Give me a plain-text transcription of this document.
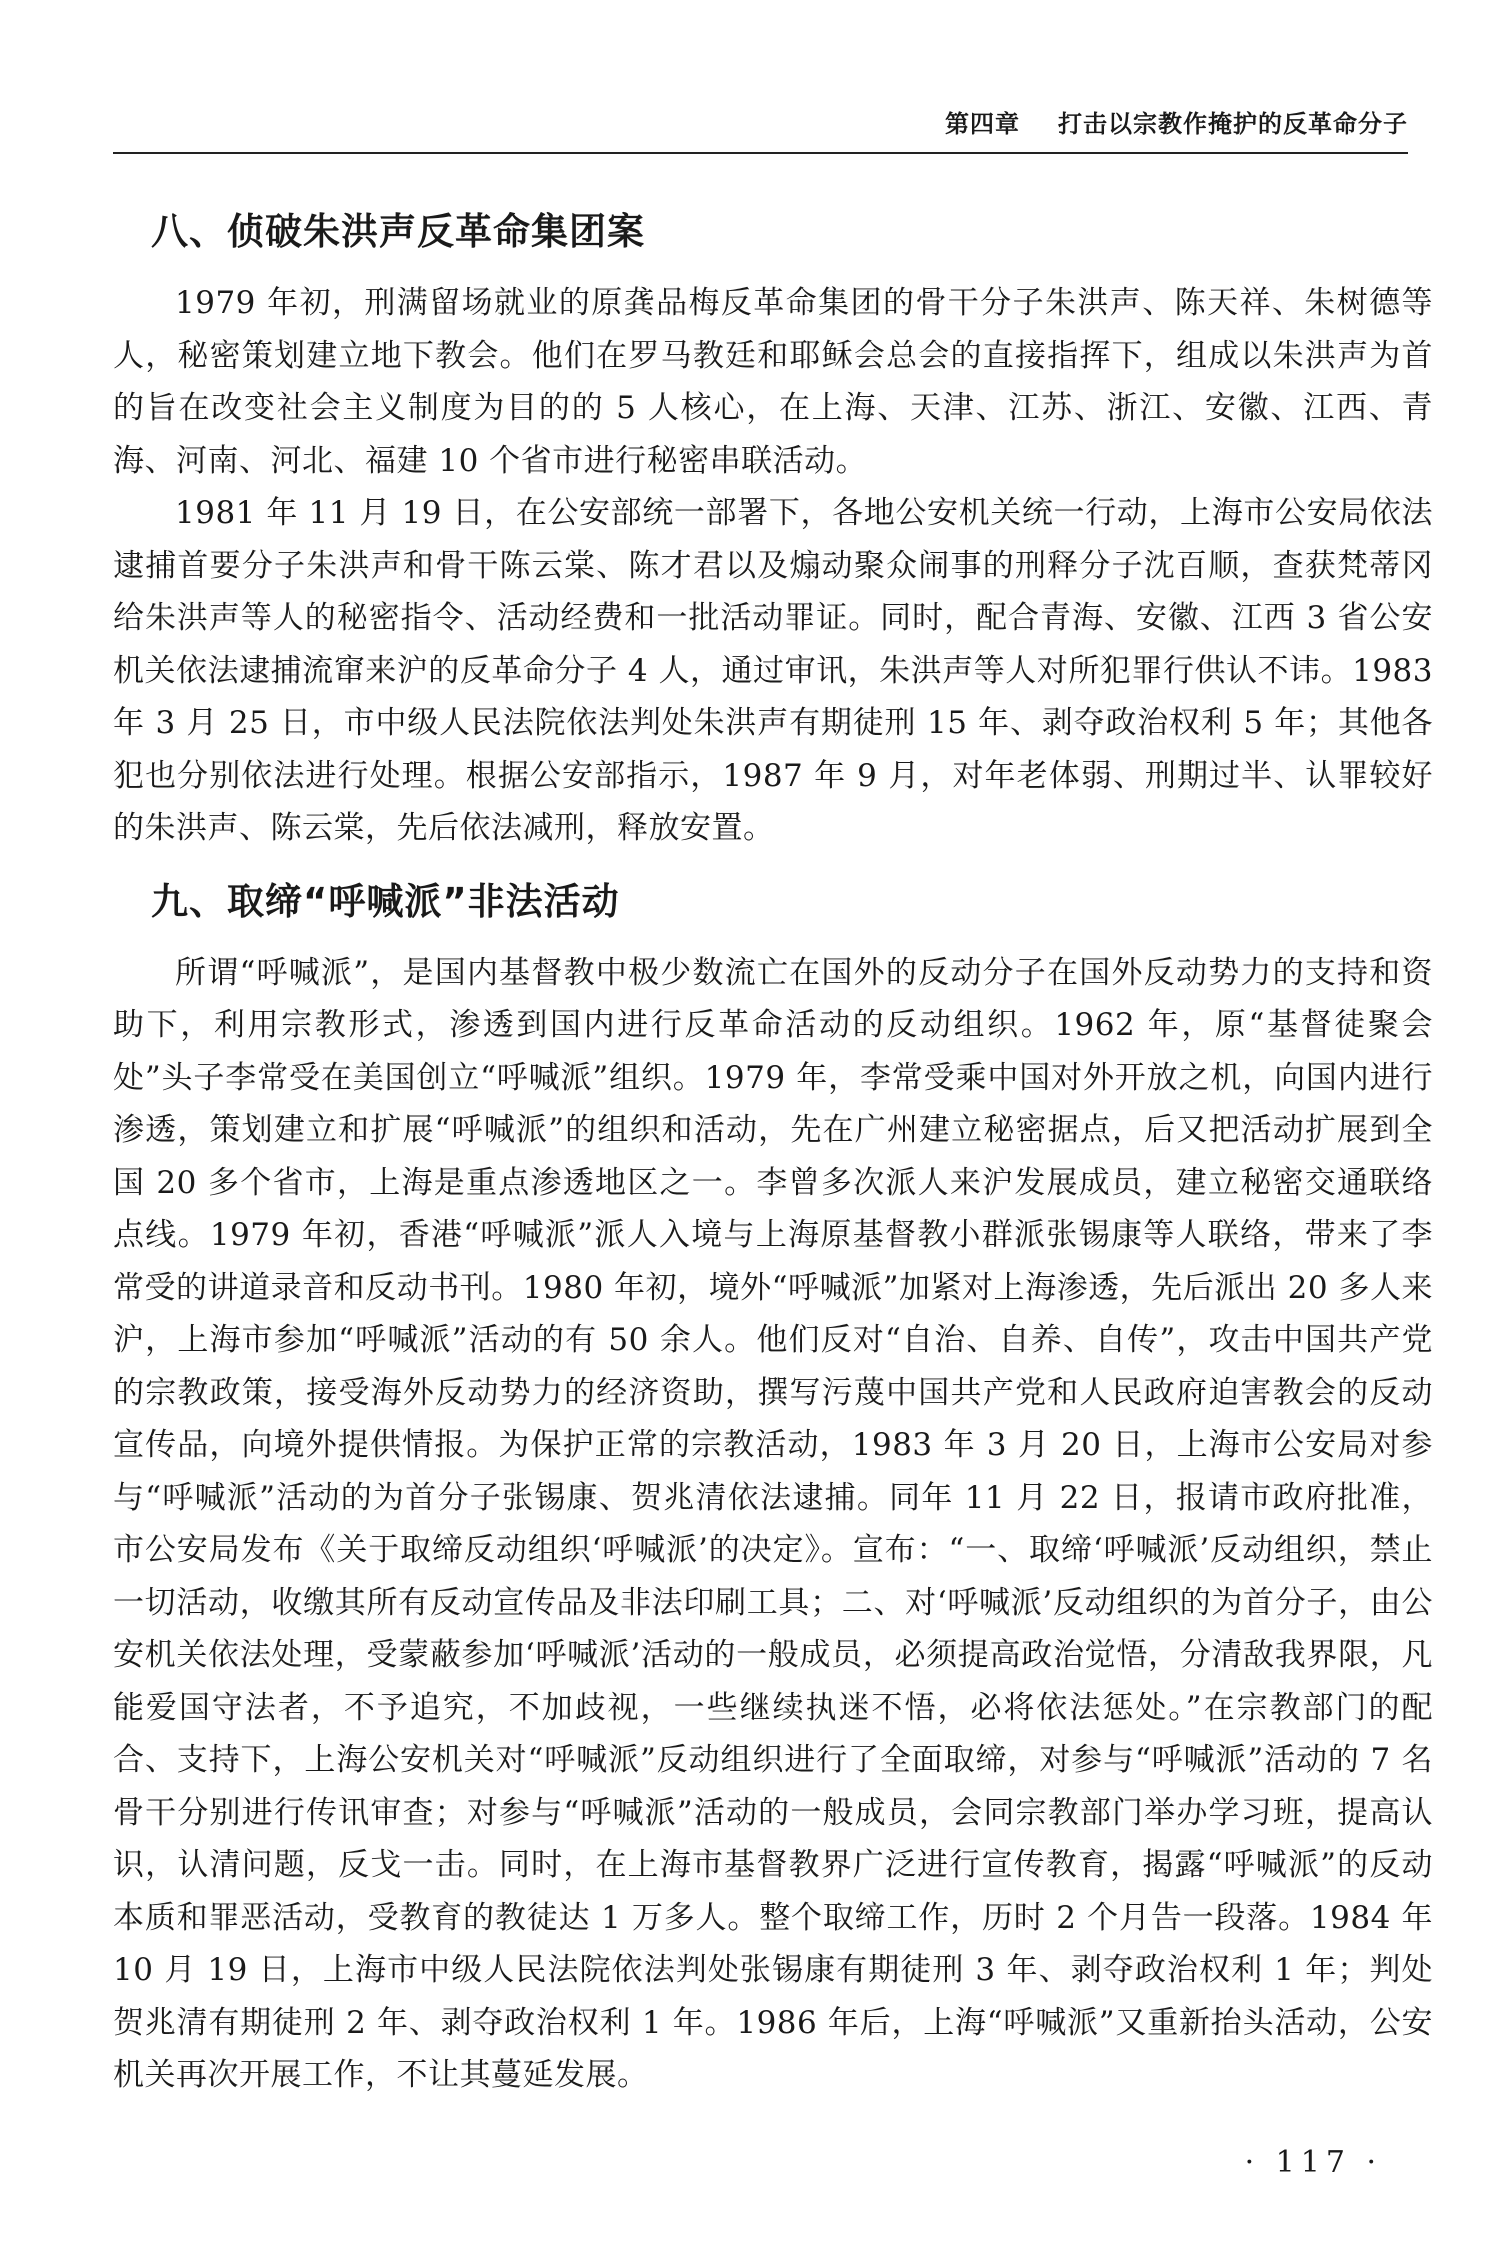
第四章 打击以宗教作掩护的反革命分子
八、侦破朱洪声反革命集团案

1979 年初，刑满留场就业的原龚品梅反革命集团的骨干分子朱洪声、陈天祥、朱树德等人，秘密策划建立地下教会。他们在罗马教廷和耶稣会总会的直接指挥下，组成以朱洪声为首的旨在改变社会主义制度为目的的 5 人核心，在上海、天津、江苏、浙江、安徽、江西、青海、河南、河北、福建 10 个省市进行秘密串联活动。

1981 年 11 月 19 日，在公安部统一部署下，各地公安机关统一行动，上海市公安局依法逮捕首要分子朱洪声和骨干陈云棠、陈才君以及煽动聚众闹事的刑释分子沈百顺，查获梵蒂冈给朱洪声等人的秘密指令、活动经费和一批活动罪证。同时，配合青海、安徽、江西 3 省公安机关依法逮捕流窜来沪的反革命分子 4 人，通过审讯，朱洪声等人对所犯罪行供认不讳。1983 年 3 月 25 日，市中级人民法院依法判处朱洪声有期徒刑 15 年、剥夺政治权利 5 年；其他各犯也分别依法进行处理。根据公安部指示，1987 年 9 月，对年老体弱、刑期过半、认罪较好的朱洪声、陈云棠，先后依法减刑，释放安置。

九、取缔“呼喊派”非法活动

所谓“呼喊派”，是国内基督教中极少数流亡在国外的反动分子在国外反动势力的支持和资助下，利用宗教形式，渗透到国内进行反革命活动的反动组织。1962 年，原“基督徒聚会处”头子李常受在美国创立“呼喊派”组织。1979 年，李常受乘中国对外开放之机，向国内进行渗透，策划建立和扩展“呼喊派”的组织和活动，先在广州建立秘密据点，后又把活动扩展到全国 20 多个省市，上海是重点渗透地区之一。李曾多次派人来沪发展成员，建立秘密交通联络点线。1979 年初，香港“呼喊派”派人入境与上海原基督教小群派张锡康等人联络，带来了李常受的讲道录音和反动书刊。1980 年初，境外“呼喊派”加紧对上海渗透，先后派出 20 多人来沪，上海市参加“呼喊派”活动的有 50 余人。他们反对“自治、自养、自传”，攻击中国共产党的宗教政策，接受海外反动势力的经济资助，撰写污蔑中国共产党和人民政府迫害教会的反动宣传品，向境外提供情报。为保护正常的宗教活动，1983 年 3 月 20 日，上海市公安局对参与“呼喊派”活动的为首分子张锡康、贺兆清依法逮捕。同年 11 月 22 日，报请市政府批准，市公安局发布《关于取缔反动组织‘呼喊派’的决定》。宣布：“一、取缔‘呼喊派’反动组织，禁止一切活动，收缴其所有反动宣传品及非法印刷工具；二、对‘呼喊派’反动组织的为首分子，由公安机关依法处理，受蒙蔽参加‘呼喊派’活动的一般成员，必须提高政治觉悟，分清敌我界限，凡能爱国守法者，不予追究，不加歧视，一些继续执迷不悟，必将依法惩处。”在宗教部门的配合、支持下，上海公安机关对“呼喊派”反动组织进行了全面取缔，对参与“呼喊派”活动的 7 名骨干分别进行传讯审查；对参与“呼喊派”活动的一般成员，会同宗教部门举办学习班，提高认识，认清问题，反戈一击。同时，在上海市基督教界广泛进行宣传教育，揭露“呼喊派”的反动本质和罪恶活动，受教育的教徒达 1 万多人。整个取缔工作，历时 2 个月告一段落。1984 年 10 月 19 日，上海市中级人民法院依法判处张锡康有期徒刑 3 年、剥夺政治权利 1 年；判处贺兆清有期徒刑 2 年、剥夺政治权利 1 年。1986 年后，上海“呼喊派”又重新抬头活动，公安机关再次开展工作，不让其蔓延发展。

· 117 ·
